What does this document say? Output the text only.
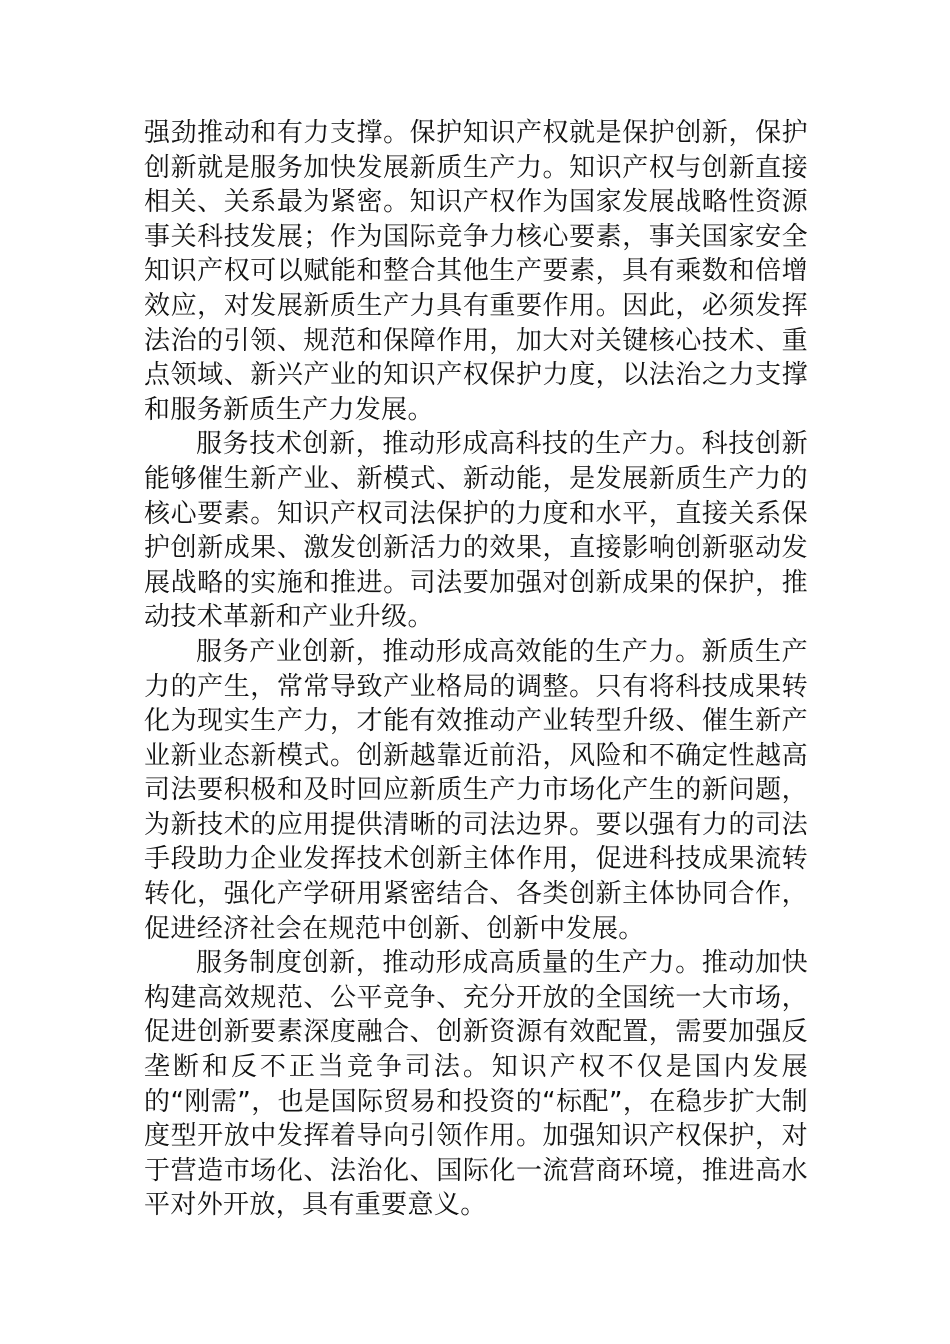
强劲推动和有力支撑。保护知识产权就是保护创新，保护创新就是服务加快发展新质生产力。知识产权与创新直接相关、关系最为紧密。知识产权作为国家发展战略性资源事关科技发展；作为国际竞争力核心要素，事关国家安全知识产权可以赋能和整合其他生产要素，具有乘数和倍增效应，对发展新质生产力具有重要作用。因此，必须发挥法治的引领、规范和保障作用，加大对关键核心技术、重点领域、新兴产业的知识产权保护力度，以法治之力支撑和服务新质生产力发展。

服务技术创新，推动形成高科技的生产力。科技创新能够催生新产业、新模式、新动能，是发展新质生产力的核心要素。知识产权司法保护的力度和水平，直接关系保护创新成果、激发创新活力的效果，直接影响创新驱动发展战略的实施和推进。司法要加强对创新成果的保护，推动技术革新和产业升级。

服务产业创新，推动形成高效能的生产力。新质生产力的产生，常常导致产业格局的调整。只有将科技成果转化为现实生产力，才能有效推动产业转型升级、催生新产业新业态新模式。创新越靠近前沿，风险和不确定性越高司法要积极和及时回应新质生产力市场化产生的新问题，为新技术的应用提供清晰的司法边界。要以强有力的司法手段助力企业发挥技术创新主体作用，促进科技成果流转转化，强化产学研用紧密结合、各类创新主体协同合作，促进经济社会在规范中创新、创新中发展。

服务制度创新，推动形成高质量的生产力。推动加快构建高效规范、公平竞争、充分开放的全国统一大市场，促进创新要素深度融合、创新资源有效配置，需要加强反垄断和反不正当竞争司法。知识产权不仅是国内发展的“刚需”，也是国际贸易和投资的“标配”，在稳步扩大制度型开放中发挥着导向引领作用。加强知识产权保护，对于营造市场化、法治化、国际化一流营商环境，推进高水平对外开放，具有重要意义。
